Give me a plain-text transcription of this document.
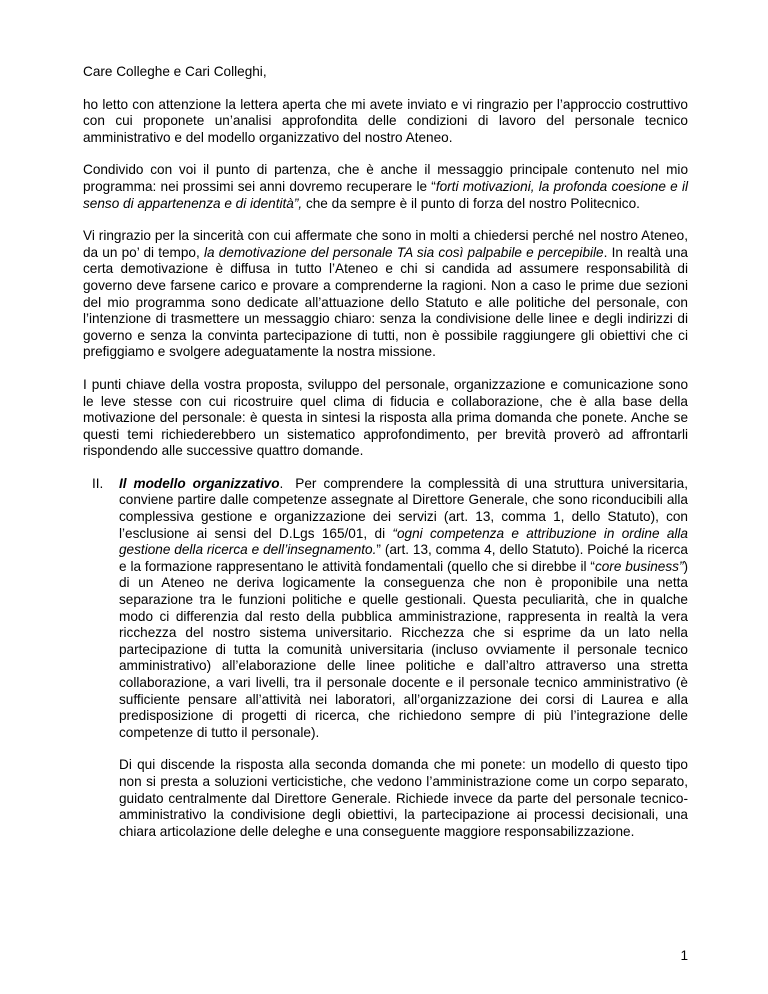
Care Colleghe e Cari Colleghi,

ho letto con attenzione la lettera aperta che mi avete inviato e vi ringrazio per l’approccio costruttivo con cui proponete un’analisi approfondita delle condizioni di lavoro del personale tecnico amministrativo e del modello organizzativo del nostro Ateneo.

Condivido con voi il punto di partenza, che è anche il messaggio principale contenuto nel mio programma: nei prossimi sei anni dovremo recuperare le “forti motivazioni, la profonda coesione e il senso di appartenenza e di identità”, che da sempre è il punto di forza del nostro Politecnico.

Vi ringrazio per la sincerità con cui affermate che sono in molti a chiedersi perché nel nostro Ateneo, da un po’ di tempo, la demotivazione del personale TA sia così palpabile e percepibile. In realtà una certa demotivazione è diffusa in tutto l’Ateneo e chi si candida ad assumere responsabilità di governo deve farsene carico e provare a comprenderne la ragioni. Non a caso le prime due sezioni del mio programma sono dedicate all’attuazione dello Statuto e alle politiche del personale, con l’intenzione di trasmettere un messaggio chiaro: senza la condivisione delle linee e degli indirizzi di governo e senza la convinta partecipazione di tutti, non è possibile raggiungere gli obiettivi che ci prefiggiamo e svolgere adeguatamente la nostra missione.

I punti chiave della vostra proposta, sviluppo del personale, organizzazione e comunicazione sono le leve stesse con cui ricostruire quel clima di fiducia e collaborazione, che è alla base della motivazione del personale: è questa in sintesi la risposta alla prima domanda che ponete. Anche se questi temi richiederebbero un sistematico approfondimento, per brevità proverò ad affrontarli rispondendo alle successive quattro domande.

II. Il modello organizzativo. Per comprendere la complessità di una struttura universitaria, conviene partire dalle competenze assegnate al Direttore Generale, che sono riconducibili alla complessiva gestione e organizzazione dei servizi (art. 13, comma 1, dello Statuto), con l’esclusione ai sensi del D.Lgs 165/01, di “ogni competenza e attribuzione in ordine alla gestione della ricerca e dell’insegnamento.” (art. 13, comma 4, dello Statuto). Poiché la ricerca e la formazione rappresentano le attività fondamentali (quello che si direbbe il “core business”) di un Ateneo ne deriva logicamente la conseguenza che non è proponibile una netta separazione tra le funzioni politiche e quelle gestionali. Questa peculiarità, che in qualche modo ci differenzia dal resto della pubblica amministrazione, rappresenta in realtà la vera ricchezza del nostro sistema universitario. Ricchezza che si esprime da un lato nella partecipazione di tutta la comunità universitaria (incluso ovviamente il personale tecnico amministrativo) all’elaborazione delle linee politiche e dall’altro attraverso una stretta collaborazione, a vari livelli, tra il personale docente e il personale tecnico amministrativo (è sufficiente pensare all’attività nei laboratori, all’organizzazione dei corsi di Laurea e alla predisposizione di progetti di ricerca, che richiedono sempre di più l’integrazione delle competenze di tutto il personale).

Di qui discende la risposta alla seconda domanda che mi ponete: un modello di questo tipo non si presta a soluzioni verticistiche, che vedono l’amministrazione come un corpo separato, guidato centralmente dal Direttore Generale. Richiede invece da parte del personale tecnico-amministrativo la condivisione degli obiettivi, la partecipazione ai processi decisionali, una chiara articolazione delle deleghe e una conseguente maggiore responsabilizzazione.

1
